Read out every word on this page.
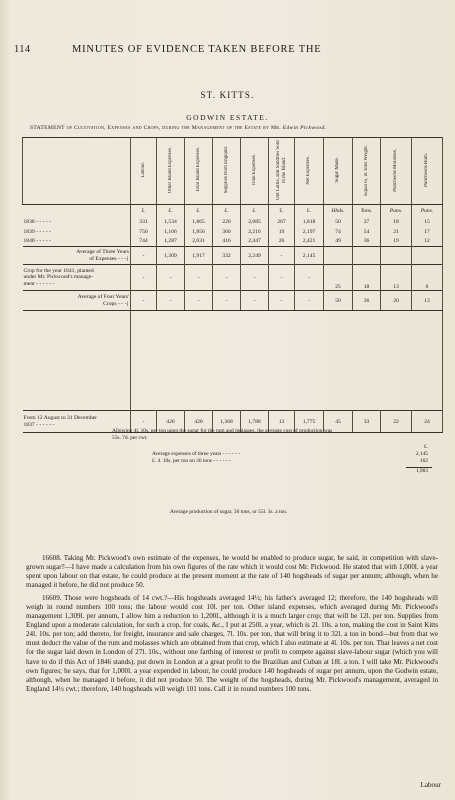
114	MINUTES OF EVIDENCE TAKEN BEFORE THE
ST. KITTS.
GODWIN ESTATE.
STATEMENT of Cultivation, Expenses and Crops, during the Management of the Estate by Mr. Edwin Pickwood.
	Labour.	Other Island Expenses.	Total Island Expenses.	Supplies from England.	Total Expenses.	Old Cattle, and Sundries Sold in the Island.	Net Expenses.	Sugar Made.	Equal to, in Tons Weight.	Puncheons Molasses.	Puncheons Rum.
	£.	£.	£.	£.	£.	£.	£.	Hhds.	Tons.	Puns.	Puns.
1838 - - - - -	331	1,534	1,865	220	2,085	267	1,818	50	37	18	15
1839 - - - - -	750	1,106	1,856	360	2,216	19	2,197	74	54	21	17
1840 - - - - -	744	1,287	2,031	416	2,447	26	2,421	49	36	19	12
Average of Three Years
of Expenses - - -}	-	1,309	1,917	332	2,249	-	2,145				
Crop for the year 1841, planted
under Mr. Pickwood's manage-
ment - - - - - -	-	-	-	-	-	-	-	25	18	13	6
Average of Four Years'
Crops - - -}	-	-	-	-	-	-	-	50	36	20	13

From 12 August to 31 December
1837 - - - - - -	-	420	420	1,368	1,788	13	1,775	45	33	22	24
Allowing 4l. 10s. per ton upon the sugar for the rum and molasses, the average cost of production was
55s. 7d. per cwt.
£.
Average expenses of three years - - - - - -	2,145
£. 4. 10s. per ton on 36 tons - - - - - -	162
1,983
Average production of sugar, 36 tons, or 55l. 3s. a ton.

16608. Taking Mr. Pickwood's own estimate of the expenses, he would be enabled to produce sugar, he said, in competition with slave-grown sugar?—I have made a calculation from his own figures of the rate which it would cost Mr. Pickwood. He stated that with 1,000l. a year spent upon labour on that estate, he could produce at the present moment at the rate of 140 hogsheads of sugar per annum; although, when he managed it before, he did not produce 50.

16609. Those were hogsheads of 14 cwt.?—His hogsheads averaged 14½; his father's averaged 12; therefore, the 140 hogsheads will weigh in round numbers 100 tons; the labour would cost 10l. per ton. Other island expenses, which averaged during Mr. Pickwood's management 1,309l. per annum, I allow him a reduction to 1,200l., although it is a much larger crop; that will be 12l. per ton. Supplies from England upon a moderate calculation, for such a crop, for coals, &c., I put at 250l. a year, which is 2l. 10s. a ton, making the cost in Saint Kitts 24l. 10s. per ton; add thereto, for freight, insurance and sale charges, 7l. 10s. per ton, that will bring it to 32l. a ton in bond—but from that we must deduct the value of the rum and molasses which are obtained from that crop, which I also estimate at 4l. 10s. per ton. That leaves a net cost for the sugar laid down in London of 27l. 10s., without one farthing of interest or profit to compete against slave-labour sugar (which you will have to do if this Act of 1846 stands), put down in London at a great profit to the Brazilian and Cuban at 18l. a ton. I will take Mr. Pickwood's own figures; he says, that for 1,000l. a year expended in labour, he could produce 140 hogsheads of sugar per annum, upon the Godwin estate, although, when he managed it before, it did not produce 50. The weight of the hogsheads, during Mr. Pickwood's management, averaged in England 14½ cwt.; therefore, 140 hogsheads will weigh 101 tons. Call it in round numbers 100 tons.

Labour
